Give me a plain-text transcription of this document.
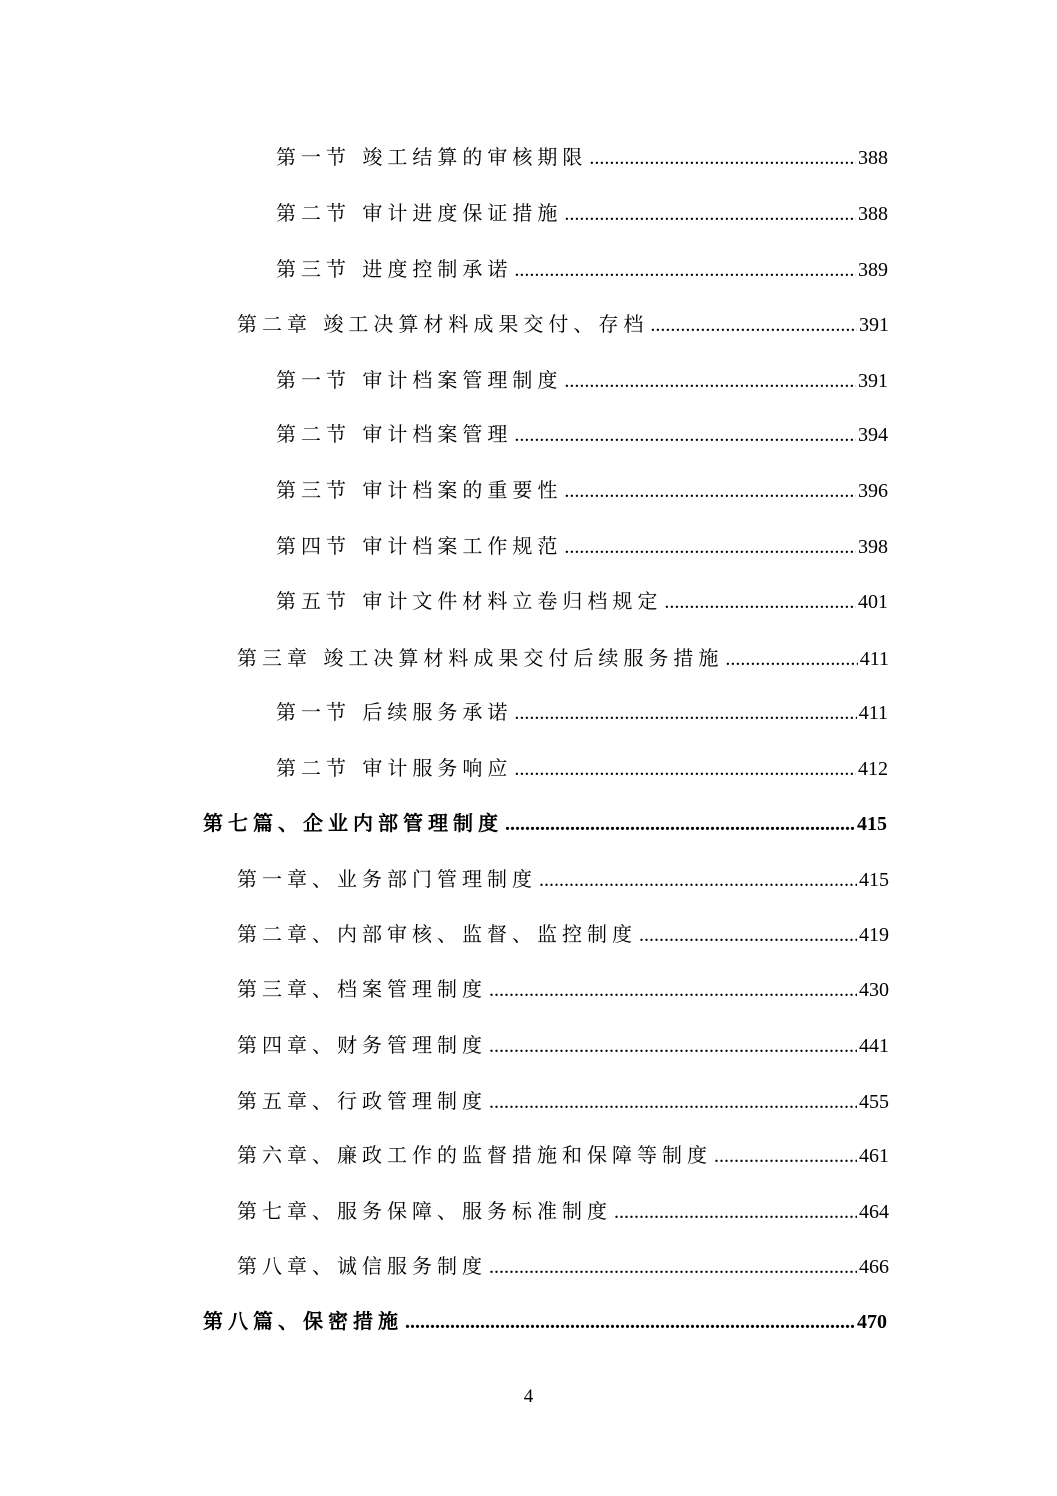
第一节 竣工结算的审核期限 .....	388
第二节 审计进度保证措施 .....	388
第三节 进度控制承诺 .....	389
第二章 竣工决算材料成果交付、存档 .....	391
第一节 审计档案管理制度 .....	391
第二节 审计档案管理 .....	394
第三节 审计档案的重要性 .....	396
第四节 审计档案工作规范 .....	398
第五节 审计文件材料立卷归档规定 .....	401
第三章 竣工决算材料成果交付后续服务措施 .....	411
第一节 后续服务承诺 .....	411
第二节 审计服务响应 .....	412
第七篇、企业内部管理制度 .....	415
第一章、业务部门管理制度 .....	415
第二章、内部审核、监督、监控制度 .....	419
第三章、档案管理制度 .....	430
第四章、财务管理制度 .....	441
第五章、行政管理制度 .....	455
第六章、廉政工作的监督措施和保障等制度 .....	461
第七章、服务保障、服务标准制度 .....	464
第八章、诚信服务制度 .....	466
第八篇、保密措施 .....	470
4
